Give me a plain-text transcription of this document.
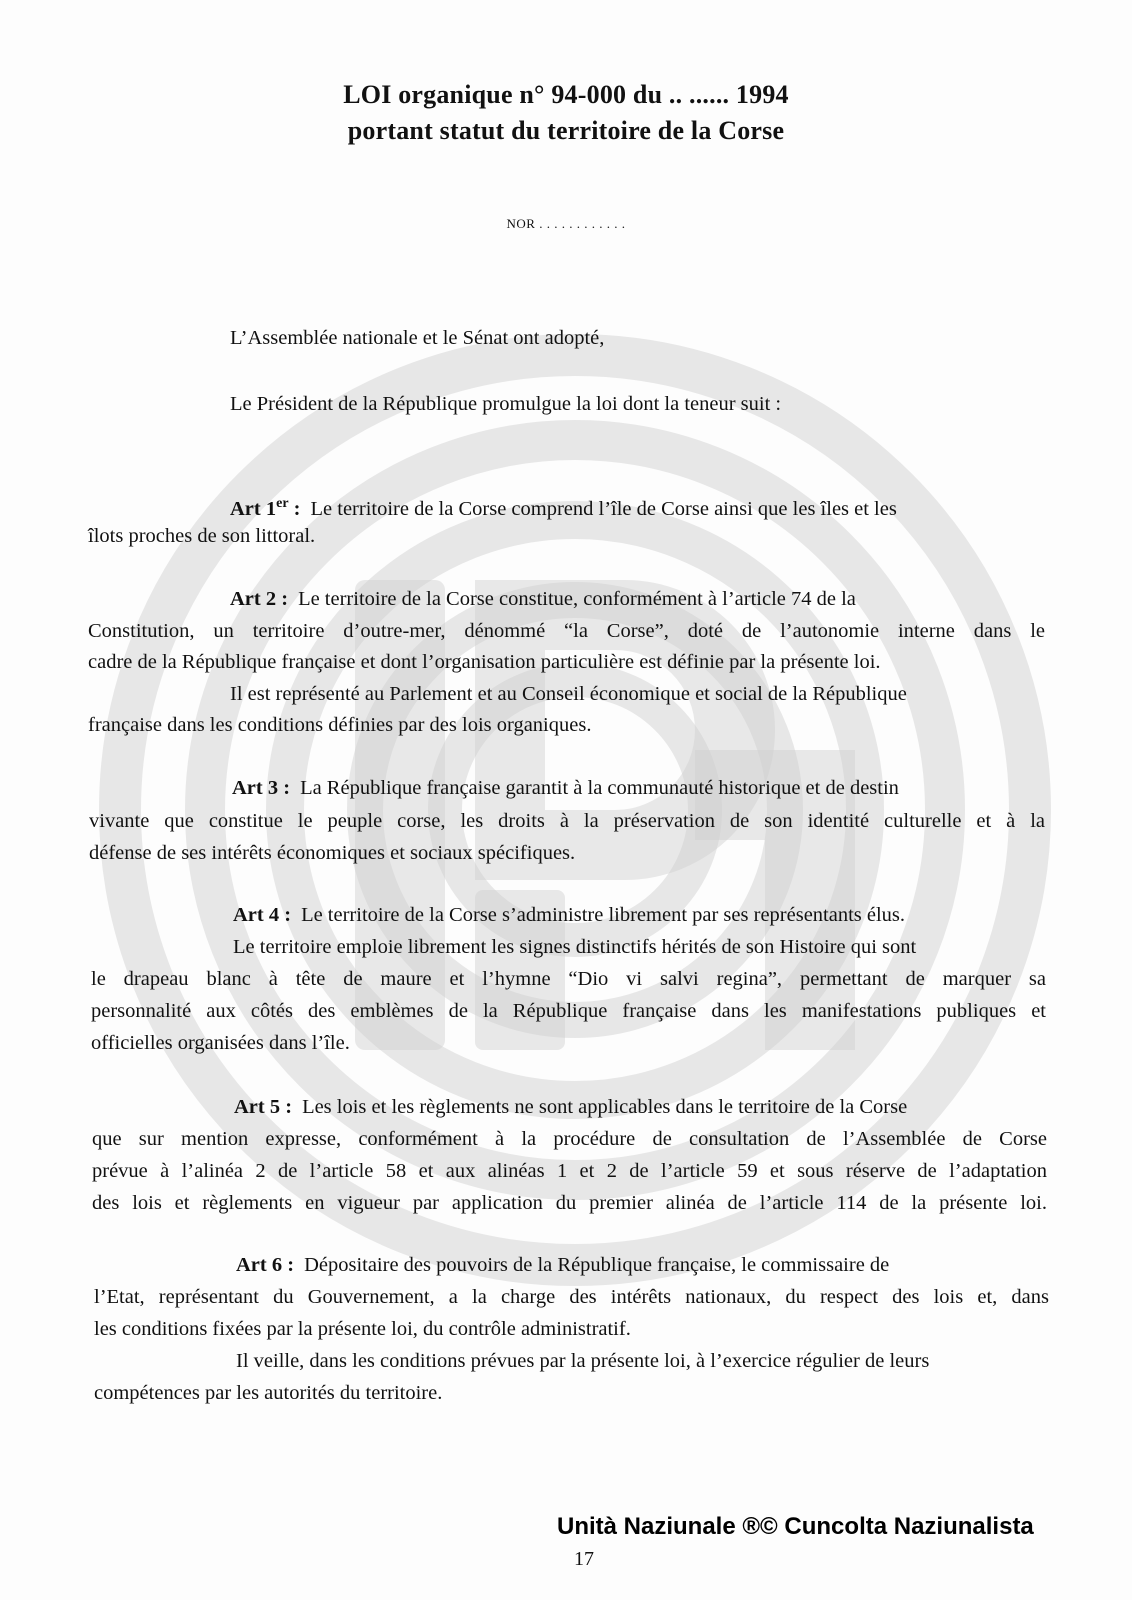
LOI organique n° 94-000 du .. ...... 1994
portant statut du territoire de la Corse
NOR . . . . . . . . . . . .
L’Assemblée nationale et le Sénat ont adopté,
Le Président de la République promulgue la loi dont la teneur suit :
Art 1er : Le territoire de la Corse comprend l’île de Corse ainsi que les îles et les
îlots proches de son littoral.
Art 2 : Le territoire de la Corse constitue, conformément à l’article 74 de la
Constitution, un territoire d’outre-mer, dénommé “la Corse”, doté de l’autonomie interne dans le
cadre de la République française et dont l’organisation particulière est définie par la présente loi.
Il est représenté au Parlement et au Conseil économique et social de la République
française dans les conditions définies par des lois organiques.
Art 3 : La République française garantit à la communauté historique et de destin
vivante que constitue le peuple corse, les droits à la préservation de son identité culturelle et à la
défense de ses intérêts économiques et sociaux spécifiques.
Art 4 : Le territoire de la Corse s’administre librement par ses représentants élus.
Le territoire emploie librement les signes distinctifs hérités de son Histoire qui sont
le drapeau blanc à tête de maure et l’hymne “Dio vi salvi regina”, permettant de marquer sa
personnalité aux côtés des emblèmes de la République française dans les manifestations publiques et
officielles organisées dans l’île.
Art 5 : Les lois et les règlements ne sont applicables dans le territoire de la Corse
que sur mention expresse, conformément à la procédure de consultation de l’Assemblée de Corse
prévue à l’alinéa 2 de l’article 58 et aux alinéas 1 et 2 de l’article 59 et sous réserve de l’adaptation
des lois et règlements en vigueur par application du premier alinéa de l’article 114 de la présente loi.
Art 6 : Dépositaire des pouvoirs de la République française, le commissaire de
l’Etat, représentant du Gouvernement, a la charge des intérêts nationaux, du respect des lois et, dans
les conditions fixées par la présente loi, du contrôle administratif.
Il veille, dans les conditions prévues par la présente loi, à l’exercice régulier de leurs
compétences par les autorités du territoire.
Unità Naziunale ®© Cuncolta Naziunalista
17
